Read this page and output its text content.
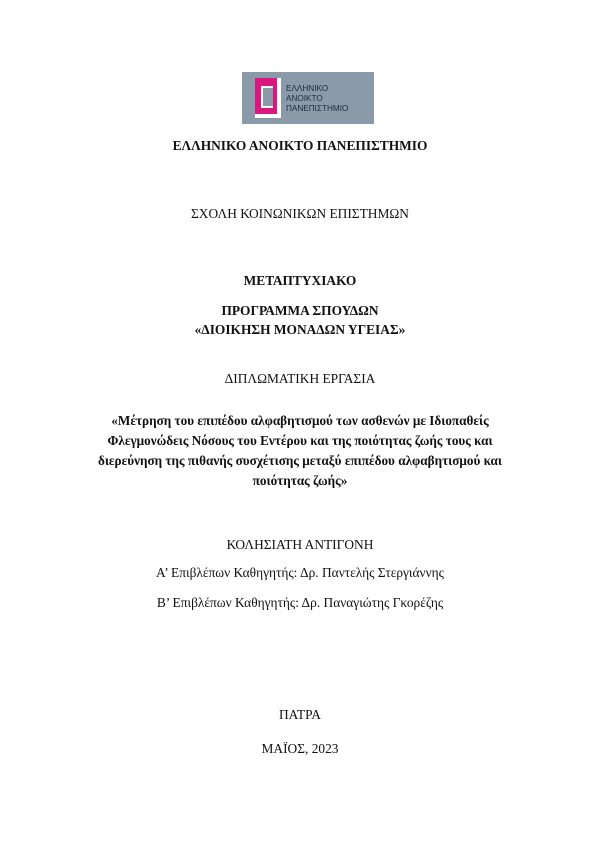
ΕΛΛΗΝΙΚΟ
ΑΝΟΙΚΤΟ
ΠΑΝΕΠΙΣΤΗΜΙΟ
ΕΛΛΗΝΙΚΟ ΑΝΟΙΚΤΟ ΠΑΝΕΠΙΣΤΗΜΙΟ
ΣΧΟΛΗ ΚΟΙΝΩΝΙΚΩΝ ΕΠΙΣΤΗΜΩΝ
ΜΕΤΑΠΤΥΧΙΑΚΟ
ΠΡΟΓΡΑΜΜΑ ΣΠΟΥΔΩΝ
«ΔΙΟΙΚΗΣΗ ΜΟΝΑΔΩΝ ΥΓΕΙΑΣ»
ΔΙΠΛΩΜΑΤΙΚΗ ΕΡΓΑΣΙΑ
«Μέτρηση του επιπέδου αλφαβητισμού των ασθενών με Ιδιοπαθείς
Φλεγμονώδεις Νόσους του Εντέρου και της ποιότητας ζωής τους και
διερεύνηση της πιθανής συσχέτισης μεταξύ επιπέδου αλφαβητισμού και
ποιότητας ζωής»
ΚΟΛΗΣΙΑΤΗ ΑΝΤΙΓΟΝΗ
Α’ Επιβλέπων Καθηγητής: Δρ. Παντελής Στεργιάννης
Β’ Επιβλέπων Καθηγητής: Δρ. Παναγιώτης Γκορέζης
ΠΑΤΡΑ
ΜΑΪΟΣ, 2023
